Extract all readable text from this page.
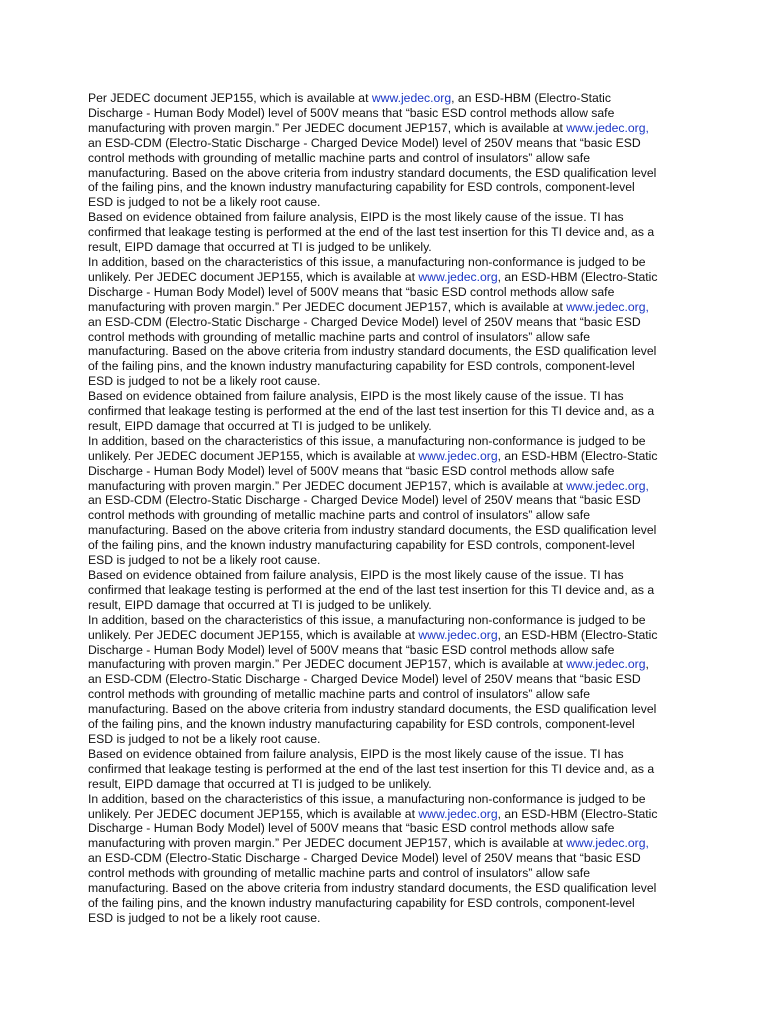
Per JEDEC document JEP155, which is available at www.jedec.org, an ESD-HBM (Electro-Static
Discharge - Human Body Model) level of 500V means that “basic ESD control methods allow safe
manufacturing with proven margin.” Per JEDEC document JEP157, which is available at www.jedec.org,
an ESD-CDM (Electro-Static Discharge - Charged Device Model) level of 250V means that “basic ESD
control methods with grounding of metallic machine parts and control of insulators” allow safe
manufacturing. Based on the above criteria from industry standard documents, the ESD qualification level
of the failing pins, and the known industry manufacturing capability for ESD controls, component-level
ESD is judged to not be a likely root cause.
Based on evidence obtained from failure analysis, EIPD is the most likely cause of the issue. TI has
confirmed that leakage testing is performed at the end of the last test insertion for this TI device and, as a
result, EIPD damage that occurred at TI is judged to be unlikely.
In addition, based on the characteristics of this issue, a manufacturing non-conformance is judged to be
unlikely. Per JEDEC document JEP155, which is available at www.jedec.org, an ESD-HBM (Electro-Static
Discharge - Human Body Model) level of 500V means that “basic ESD control methods allow safe
manufacturing with proven margin.” Per JEDEC document JEP157, which is available at www.jedec.org,
an ESD-CDM (Electro-Static Discharge - Charged Device Model) level of 250V means that “basic ESD
control methods with grounding of metallic machine parts and control of insulators” allow safe
manufacturing. Based on the above criteria from industry standard documents, the ESD qualification level
of the failing pins, and the known industry manufacturing capability for ESD controls, component-level
ESD is judged to not be a likely root cause.
Based on evidence obtained from failure analysis, EIPD is the most likely cause of the issue. TI has
confirmed that leakage testing is performed at the end of the last test insertion for this TI device and, as a
result, EIPD damage that occurred at TI is judged to be unlikely.
In addition, based on the characteristics of this issue, a manufacturing non-conformance is judged to be
unlikely. Per JEDEC document JEP155, which is available at www.jedec.org, an ESD-HBM (Electro-Static
Discharge - Human Body Model) level of 500V means that “basic ESD control methods allow safe
manufacturing with proven margin.” Per JEDEC document JEP157, which is available at www.jedec.org,
an ESD-CDM (Electro-Static Discharge - Charged Device Model) level of 250V means that “basic ESD
control methods with grounding of metallic machine parts and control of insulators” allow safe
manufacturing. Based on the above criteria from industry standard documents, the ESD qualification level
of the failing pins, and the known industry manufacturing capability for ESD controls, component-level
ESD is judged to not be a likely root cause.
Based on evidence obtained from failure analysis, EIPD is the most likely cause of the issue. TI has
confirmed that leakage testing is performed at the end of the last test insertion for this TI device and, as a
result, EIPD damage that occurred at TI is judged to be unlikely.
In addition, based on the characteristics of this issue, a manufacturing non-conformance is judged to be
unlikely. Per JEDEC document JEP155, which is available at www.jedec.org, an ESD-HBM (Electro-Static
Discharge - Human Body Model) level of 500V means that “basic ESD control methods allow safe
manufacturing with proven margin.” Per JEDEC document JEP157, which is available at www.jedec.org,
an ESD-CDM (Electro-Static Discharge - Charged Device Model) level of 250V means that “basic ESD
control methods with grounding of metallic machine parts and control of insulators” allow safe
manufacturing. Based on the above criteria from industry standard documents, the ESD qualification level
of the failing pins, and the known industry manufacturing capability for ESD controls, component-level
ESD is judged to not be a likely root cause.
Based on evidence obtained from failure analysis, EIPD is the most likely cause of the issue. TI has
confirmed that leakage testing is performed at the end of the last test insertion for this TI device and, as a
result, EIPD damage that occurred at TI is judged to be unlikely.
In addition, based on the characteristics of this issue, a manufacturing non-conformance is judged to be
unlikely. Per JEDEC document JEP155, which is available at www.jedec.org, an ESD-HBM (Electro-Static
Discharge - Human Body Model) level of 500V means that “basic ESD control methods allow safe
manufacturing with proven margin.” Per JEDEC document JEP157, which is available at www.jedec.org,
an ESD-CDM (Electro-Static Discharge - Charged Device Model) level of 250V means that “basic ESD
control methods with grounding of metallic machine parts and control of insulators” allow safe
manufacturing. Based on the above criteria from industry standard documents, the ESD qualification level
of the failing pins, and the known industry manufacturing capability for ESD controls, component-level
ESD is judged to not be a likely root cause.
